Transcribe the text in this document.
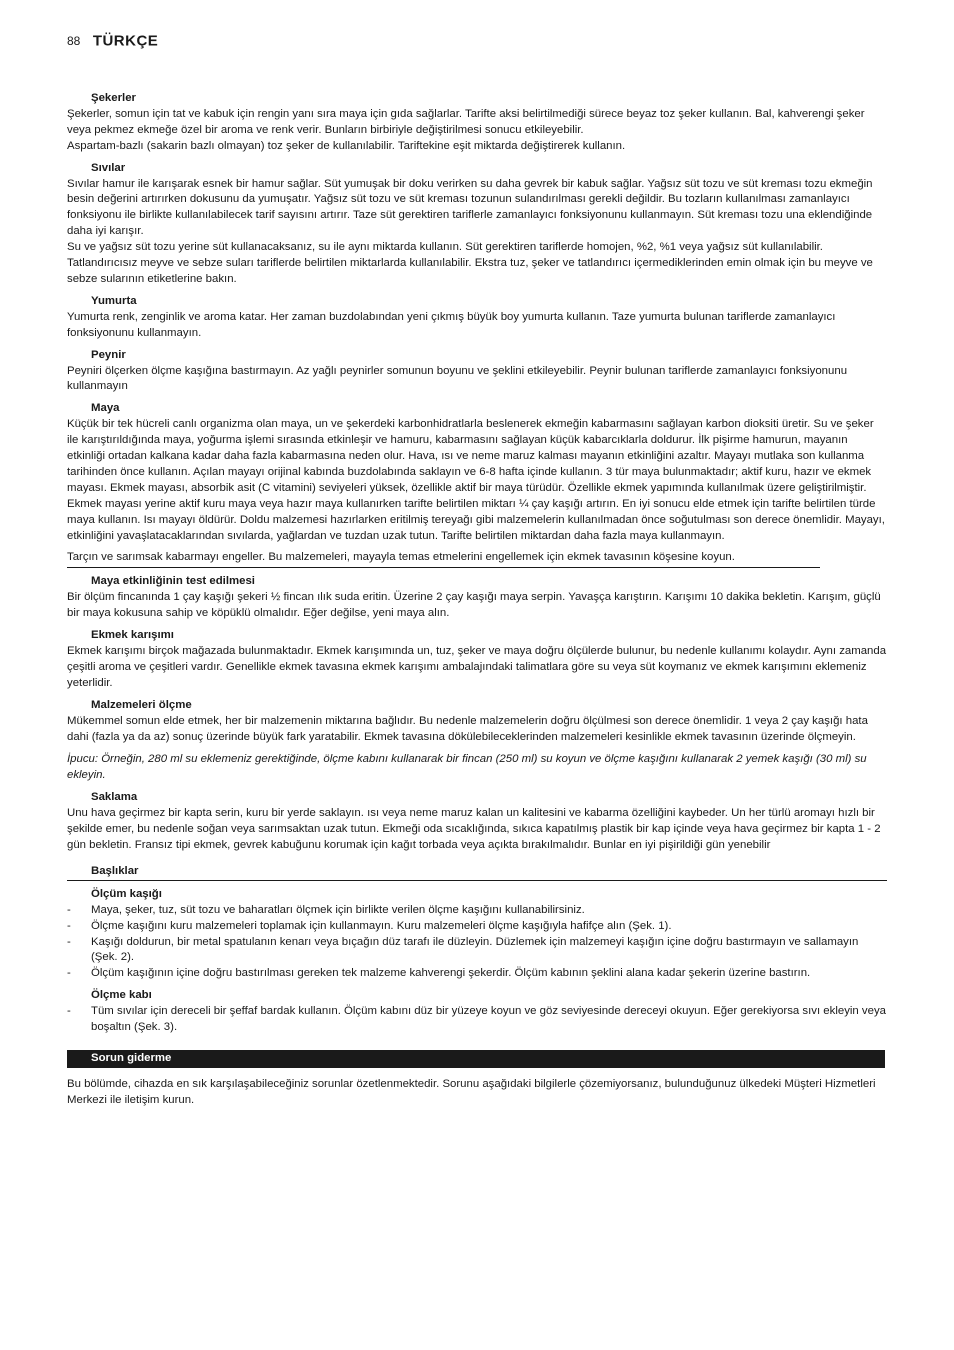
88 TÜRKÇE
Şekerler

Şekerler, somun için tat ve kabuk için rengin yanı sıra maya için gıda sağlarlar. Tarifte aksi belirtilmediği sürece beyaz toz şeker kullanın. Bal, kahverengi şeker veya pekmez ekmeğe özel bir aroma ve renk verir. Bunların birbiriyle değiştirilmesi sonucu etkileyebilir.

Aspartam-bazlı (sakarin bazlı olmayan) toz şeker de kullanılabilir. Tariftekine eşit miktarda değiştirerek kullanın.

Sıvılar

Sıvılar hamur ile karışarak esnek bir hamur sağlar. Süt yumuşak bir doku verirken su daha gevrek bir kabuk sağlar. Yağsız süt tozu ve süt kreması tozu ekmeğin besin değerini artırırken dokusunu da yumuşatır. Yağsız süt tozu ve süt kreması tozunun sulandırılması gerekli değildir. Bu tozların kullanılması zamanlayıcı fonksiyonu ile birlikte kullanılabilecek tarif sayısını artırır. Taze süt gerektiren tariflerle zamanlayıcı fonksiyonunu kullanmayın. Süt kreması tozu una eklendiğinde daha iyi karışır.

Su ve yağsız süt tozu yerine süt kullanacaksanız, su ile aynı miktarda kullanın. Süt gerektiren tariflerde homojen, %2, %1 veya yağsız süt kullanılabilir. Tatlandırıcısız meyve ve sebze suları tariflerde belirtilen miktarlarda kullanılabilir. Ekstra tuz, şeker ve tatlandırıcı içermediklerinden emin olmak için bu meyve ve sebze sularının etiketlerine bakın.

Yumurta

Yumurta renk, zenginlik ve aroma katar. Her zaman buzdolabından yeni çıkmış büyük boy yumurta kullanın. Taze yumurta bulunan tariflerde zamanlayıcı fonksiyonunu kullanmayın.

Peynir

Peyniri ölçerken ölçme kaşığına bastırmayın. Az yağlı peynirler somunun boyunu ve şeklini etkileyebilir. Peynir bulunan tariflerde zamanlayıcı fonksiyonunu kullanmayın

Maya

Küçük bir tek hücreli canlı organizma olan maya, un ve şekerdeki karbonhidratlarla beslenerek ekmeğin kabarmasını sağlayan karbon dioksiti üretir. Su ve şeker ile karıştırıldığında maya, yoğurma işlemi sırasında etkinleşir ve hamuru, kabarmasını sağlayan küçük kabarcıklarla doldurur. İlk pişirme hamurun, mayanın etkinliği ortadan kalkana kadar daha fazla kabarmasına neden olur. Hava, ısı ve neme maruz kalması mayanın etkinliğini azaltır. Mayayı mutlaka son kullanma tarihinden önce kullanın. Açılan mayayı orijinal kabında buzdolabında saklayın ve 6-8 hafta içinde kullanın. 3 tür maya bulunmaktadır; aktif kuru, hazır ve ekmek mayası. Ekmek mayası, absorbik asit (C vitamini) seviyeleri yüksek, özellikle aktif bir maya türüdür. Özellikle ekmek yapımında kullanılmak üzere geliştirilmiştir. Ekmek mayası yerine aktif kuru maya veya hazır maya kullanırken tarifte belirtilen miktarı ¼ çay kaşığı artırın. En iyi sonucu elde etmek için tarifte belirtilen türde maya kullanın. Isı mayayı öldürür. Doldu malzemesi hazırlarken eritilmiş tereyağı gibi malzemelerin kullanılmadan önce soğutulması son derece önemlidir. Mayayı, etkinliğini yavaşlatacaklarından sıvılarda, yağlardan ve tuzdan uzak tutun. Tarifte belirtilen miktardan daha fazla maya kullanmayın.

Tarçın ve sarımsak kabarmayı engeller. Bu malzemeleri, mayayla temas etmelerini engellemek için ekmek tavasının köşesine koyun.

Maya etkinliğinin test edilmesi

Bir ölçüm fincanında 1 çay kaşığı şekeri ½ fincan ılık suda eritin. Üzerine 2 çay kaşığı maya serpin. Yavaşça karıştırın. Karışımı 10 dakika bekletin. Karışım, güçlü bir maya kokusuna sahip ve köpüklü olmalıdır. Eğer değilse, yeni maya alın.

Ekmek karışımı

Ekmek karışımı birçok mağazada bulunmaktadır. Ekmek karışımında un, tuz, şeker ve maya doğru ölçülerde bulunur, bu nedenle kullanımı kolaydır. Aynı zamanda çeşitli aroma ve çeşitleri vardır. Genellikle ekmek tavasına ekmek karışımı ambalajındaki talimatlara göre su veya süt koymanız ve ekmek karışımını eklemeniz yeterlidir.

Malzemeleri ölçme

Mükemmel somun elde etmek, her bir malzemenin miktarına bağlıdır. Bu nedenle malzemelerin doğru ölçülmesi son derece önemlidir. 1 veya 2 çay kaşığı hata dahi (fazla ya da az) sonuç üzerinde büyük fark yaratabilir. Ekmek tavasına dökülebileceklerinden malzemeleri kesinlikle ekmek tavasının üzerinde ölçmeyin.

İpucu: Örneğin, 280 ml su eklemeniz gerektiğinde, ölçme kabını kullanarak bir fincan (250 ml) su koyun ve ölçme kaşığını kullanarak 2 yemek kaşığı (30 ml) su ekleyin.

Saklama

Unu hava geçirmez bir kapta serin, kuru bir yerde saklayın. ısı veya neme maruz kalan un kalitesini ve kabarma özelliğini kaybeder. Un her türlü aromayı hızlı bir şekilde emer, bu nedenle soğan veya sarımsaktan uzak tutun. Ekmeği oda sıcaklığında, sıkıca kapatılmış plastik bir kap içinde veya hava geçirmez bir kapta 1 - 2 gün bekletin. Fransız tipi ekmek, gevrek kabuğunu korumak için kağıt torbada veya açıkta bırakılmalıdır. Bunlar en iyi pişirildiği gün yenebilir

Başlıklar
Ölçüm kaşığı
- Maya, şeker, tuz, süt tozu ve baharatları ölçmek için birlikte verilen ölçme kaşığını kullanabilirsiniz.
- Ölçme kaşığını kuru malzemeleri toplamak için kullanmayın. Kuru malzemeleri ölçme kaşığıyla hafifçe alın (Şek. 1).
- Kaşığı doldurun, bir metal spatulanın kenarı veya bıçağın düz tarafı ile düzleyin. Düzlemek için malzemeyi kaşığın içine doğru bastırmayın ve sallamayın (Şek. 2).
- Ölçüm kaşığının içine doğru bastırılması gereken tek malzeme kahverengi şekerdir. Ölçüm kabının şeklini alana kadar şekerin üzerine bastırın.
Ölçme kabı
- Tüm sıvılar için dereceli bir şeffaf bardak kullanın. Ölçüm kabını düz bir yüzeye koyun ve göz seviyesinde dereceyi okuyun. Eğer gerekiyorsa sıvı ekleyin veya boşaltın (Şek. 3).
Sorun giderme

Bu bölümde, cihazda en sık karşılaşabileceğiniz sorunlar özetlenmektedir. Sorunu aşağıdaki bilgilerle çözemiyorsanız, bulunduğunuz ülkedeki Müşteri Hizmetleri Merkezi ile iletişim kurun.
